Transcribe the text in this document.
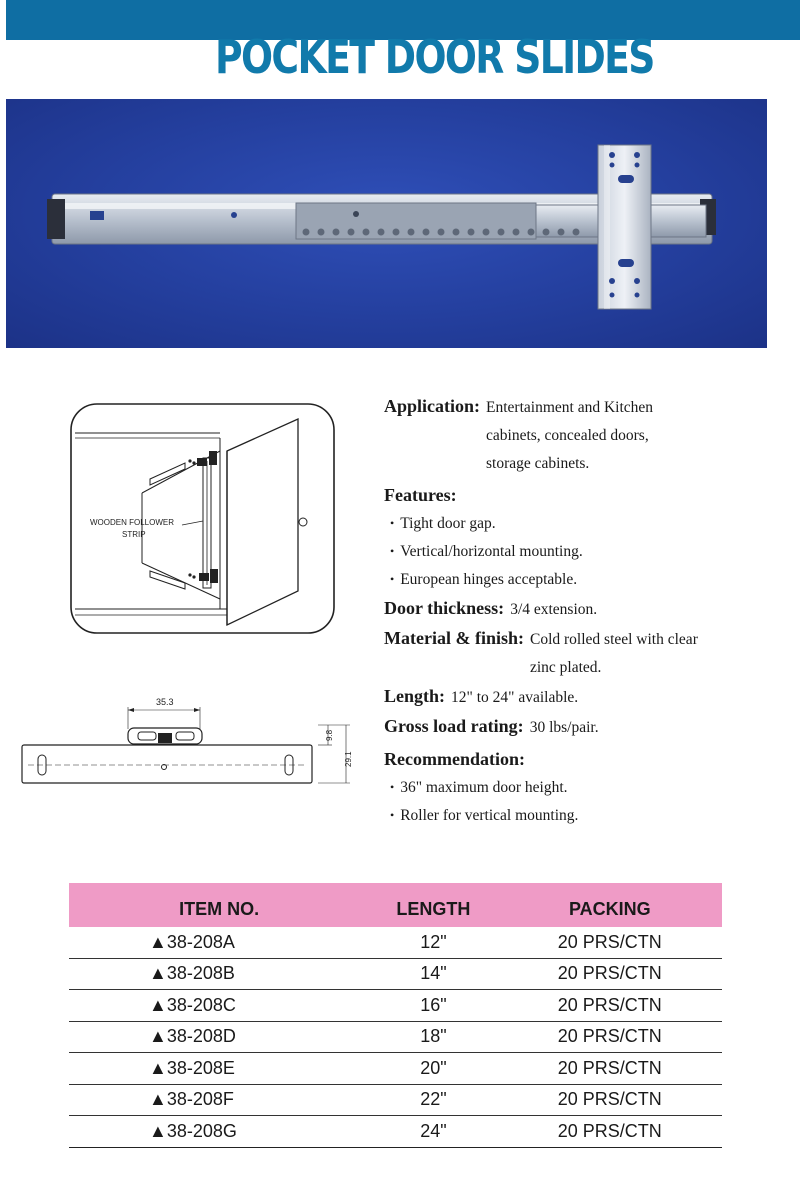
POCKET DOOR SLIDES
WOODEN FOLLOWER
STRIP
35.3
9.8
29.1
Application: Entertainment and Kitchen
cabinets, concealed doors,
storage cabinets.
Features:
• Tight door gap.
• Vertical/horizontal mounting.
• European hinges acceptable.
Door thickness: 3/4 extension.
Material & finish: Cold rolled steel with clear
zinc plated.
Length: 12" to 24" available.
Gross load rating: 30 lbs/pair.
Recommendation:
• 36" maximum door height.
• Roller for vertical mounting.
ITEM NO.	LENGTH	PACKING
▲38-208A	12"	20 PRS/CTN
▲38-208B	14"	20 PRS/CTN
▲38-208C	16"	20 PRS/CTN
▲38-208D	18"	20 PRS/CTN
▲38-208E	20"	20 PRS/CTN
▲38-208F	22"	20 PRS/CTN
▲38-208G	24"	20 PRS/CTN
